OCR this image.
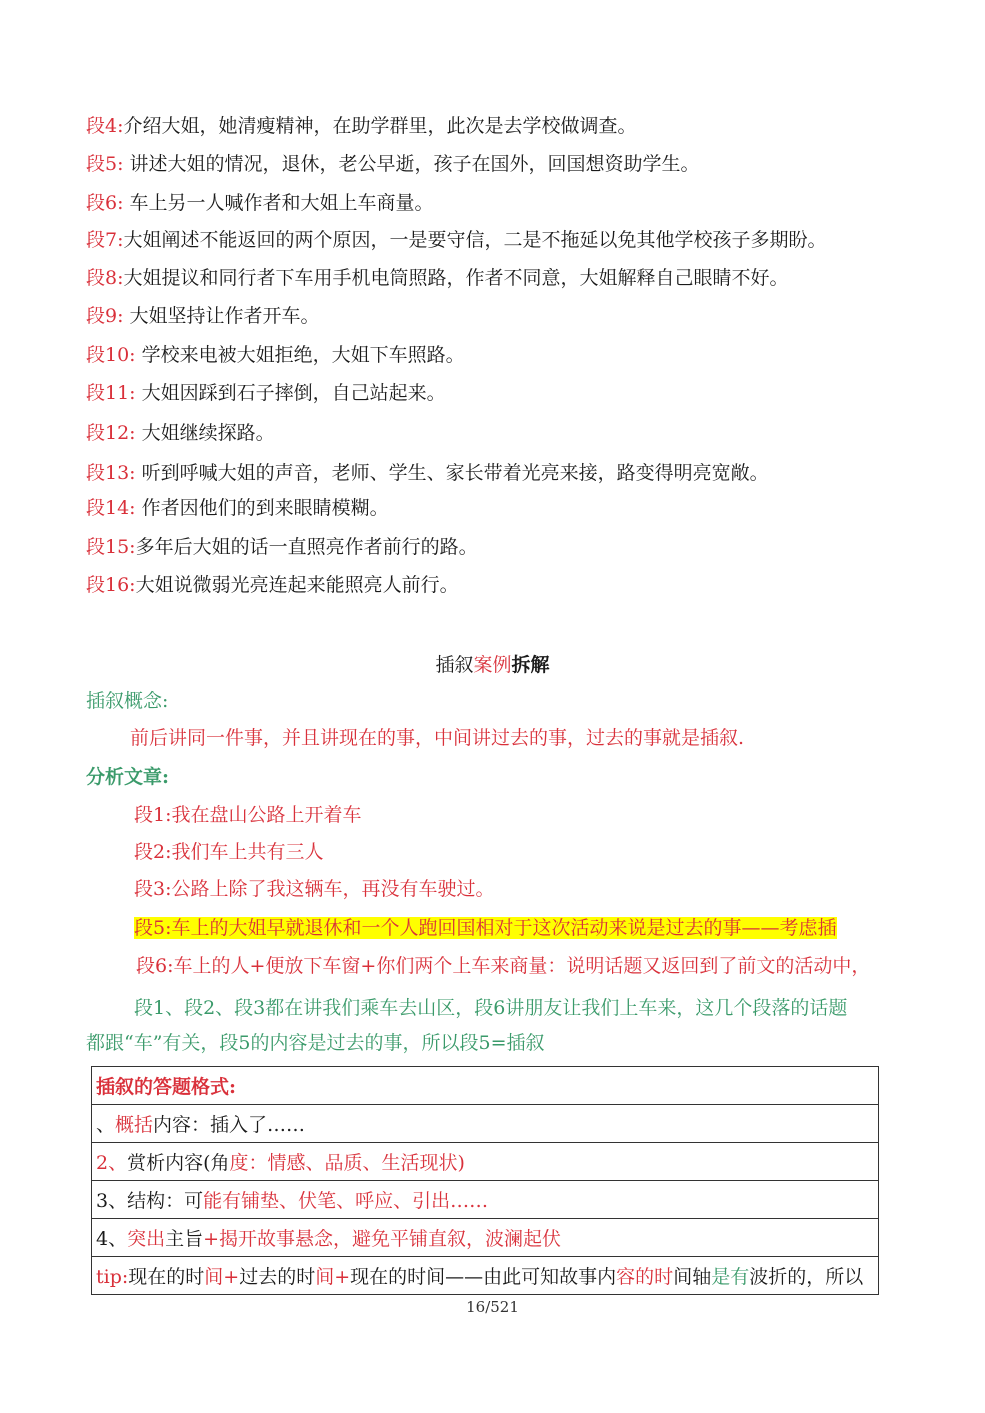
段4:介绍大姐，她清瘦精神，在助学群里，此次是去学校做调查。
段5: 讲述大姐的情况，退休，老公早逝，孩子在国外，回国想资助学生。
段6: 车上另一人喊作者和大姐上车商量。
段7:大姐阐述不能返回的两个原因，一是要守信，二是不拖延以免其他学校孩子多期盼。
段8:大姐提议和同行者下车用手机电筒照路，作者不同意，大姐解释自己眼睛不好。
段9: 大姐坚持让作者开车。
段10: 学校来电被大姐拒绝，大姐下车照路。
段11: 大姐因踩到石子摔倒，自己站起来。
段12: 大姐继续探路。
段13: 听到呼喊大姐的声音，老师、学生、家长带着光亮来接，路变得明亮宽敞。
段14: 作者因他们的到来眼睛模糊。
段15:多年后大姐的话一直照亮作者前行的路。
段16:大姐说微弱光亮连起来能照亮人前行。
插叙案例拆解
插叙概念:
前后讲同一件事，并且讲现在的事，中间讲过去的事，过去的事就是插叙.
分析文章:
段1:我在盘山公路上开着车
段2:我们车上共有三人
段3:公路上除了我这辆车，再没有车驶过。
段5:车上的大姐早就退休和一个人跑回国相对于这次活动来说是过去的事——考虑插
段6:车上的人+便放下车窗+你们两个上车来商量：说明话题又返回到了前文的活动中，
段1、段2、段3都在讲我们乘车去山区，段6讲朋友让我们上车来，这几个段落的话题
都跟“车”有关，段5的内容是过去的事，所以段5=插叙
插叙的答题格式:
、概括内容：插入了……
2、赏析内容(角度：情感、品质、生活现状)
3、结构：可能有铺垫、伏笔、呼应、引出……
4、突出主旨+揭开故事悬念，避免平铺直叙，波澜起伏
tip:现在的时间+过去的时间+现在的时间——由此可知故事内容的时间轴是有波折的，所以
16/521
